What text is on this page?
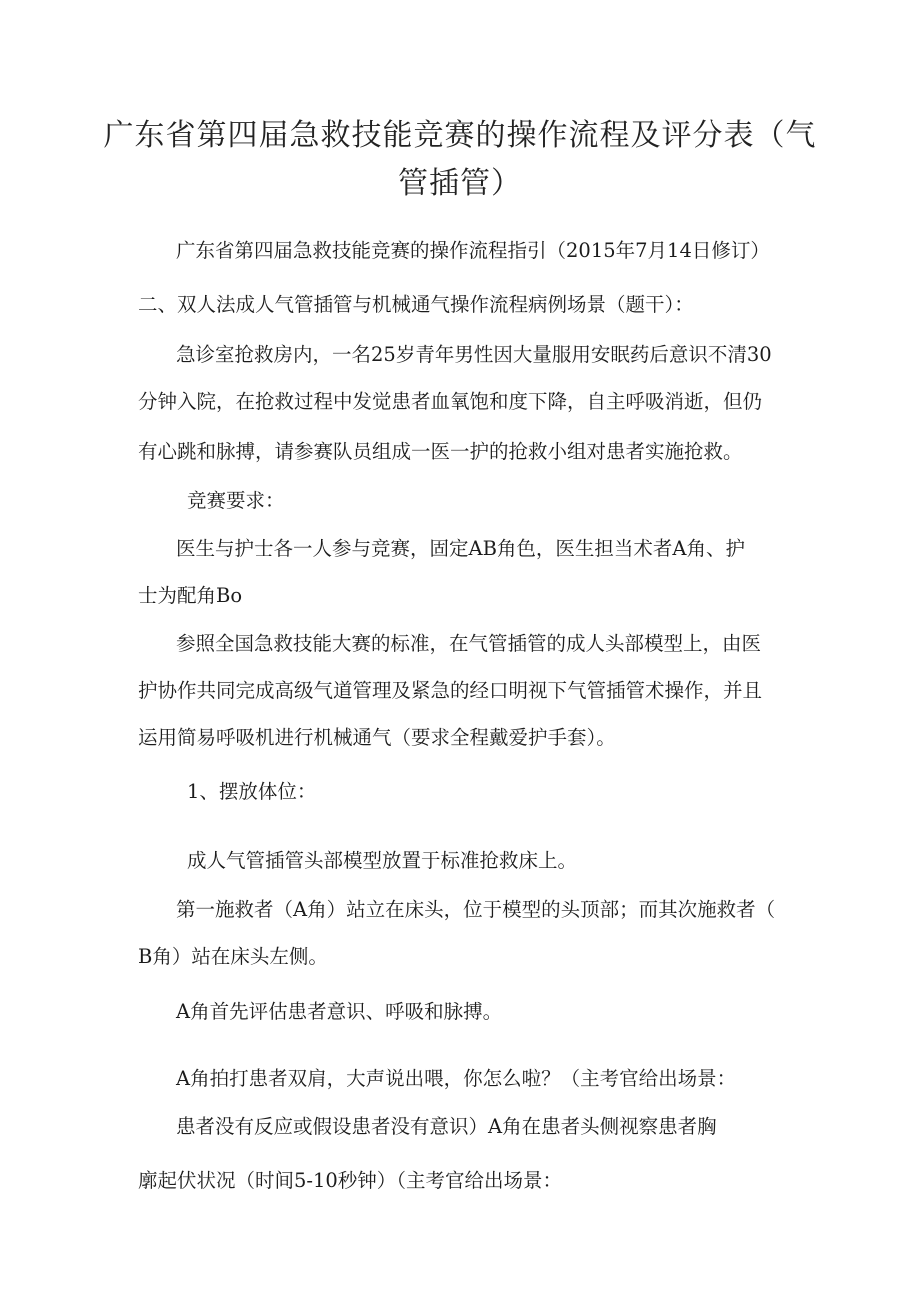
广东省第四届急救技能竞赛的操作流程及评分表（气
管插管）
广东省第四届急救技能竞赛的操作流程指引（2015年7月14日修订）
二、双人法成人气管插管与机械通气操作流程病例场景（题干）：
急诊室抢救房内，一名25岁青年男性因大量服用安眠药后意识不清30
分钟入院，在抢救过程中发觉患者血氧饱和度下降，自主呼吸消逝，但仍
有心跳和脉搏，请参赛队员组成一医一护的抢救小组对患者实施抢救。
竞赛要求：
医生与护士各一人参与竞赛，固定AB角色，医生担当术者A角、护
士为配角Bo
参照全国急救技能大赛的标准，在气管插管的成人头部模型上，由医
护协作共同完成高级气道管理及紧急的经口明视下气管插管术操作，并且
运用简易呼吸机进行机械通气（要求全程戴爱护手套）。
1、摆放体位：
成人气管插管头部模型放置于标准抢救床上。
第一施救者（A角）站立在床头，位于模型的头顶部；而其次施救者（
B角）站在床头左侧。
A角首先评估患者意识、呼吸和脉搏。
A角拍打患者双肩，大声说出喂，你怎么啦？（主考官给出场景：
患者没有反应或假设患者没有意识）A角在患者头侧视察患者胸
廓起伏状况（时间5-10秒钟）（主考官给出场景：
